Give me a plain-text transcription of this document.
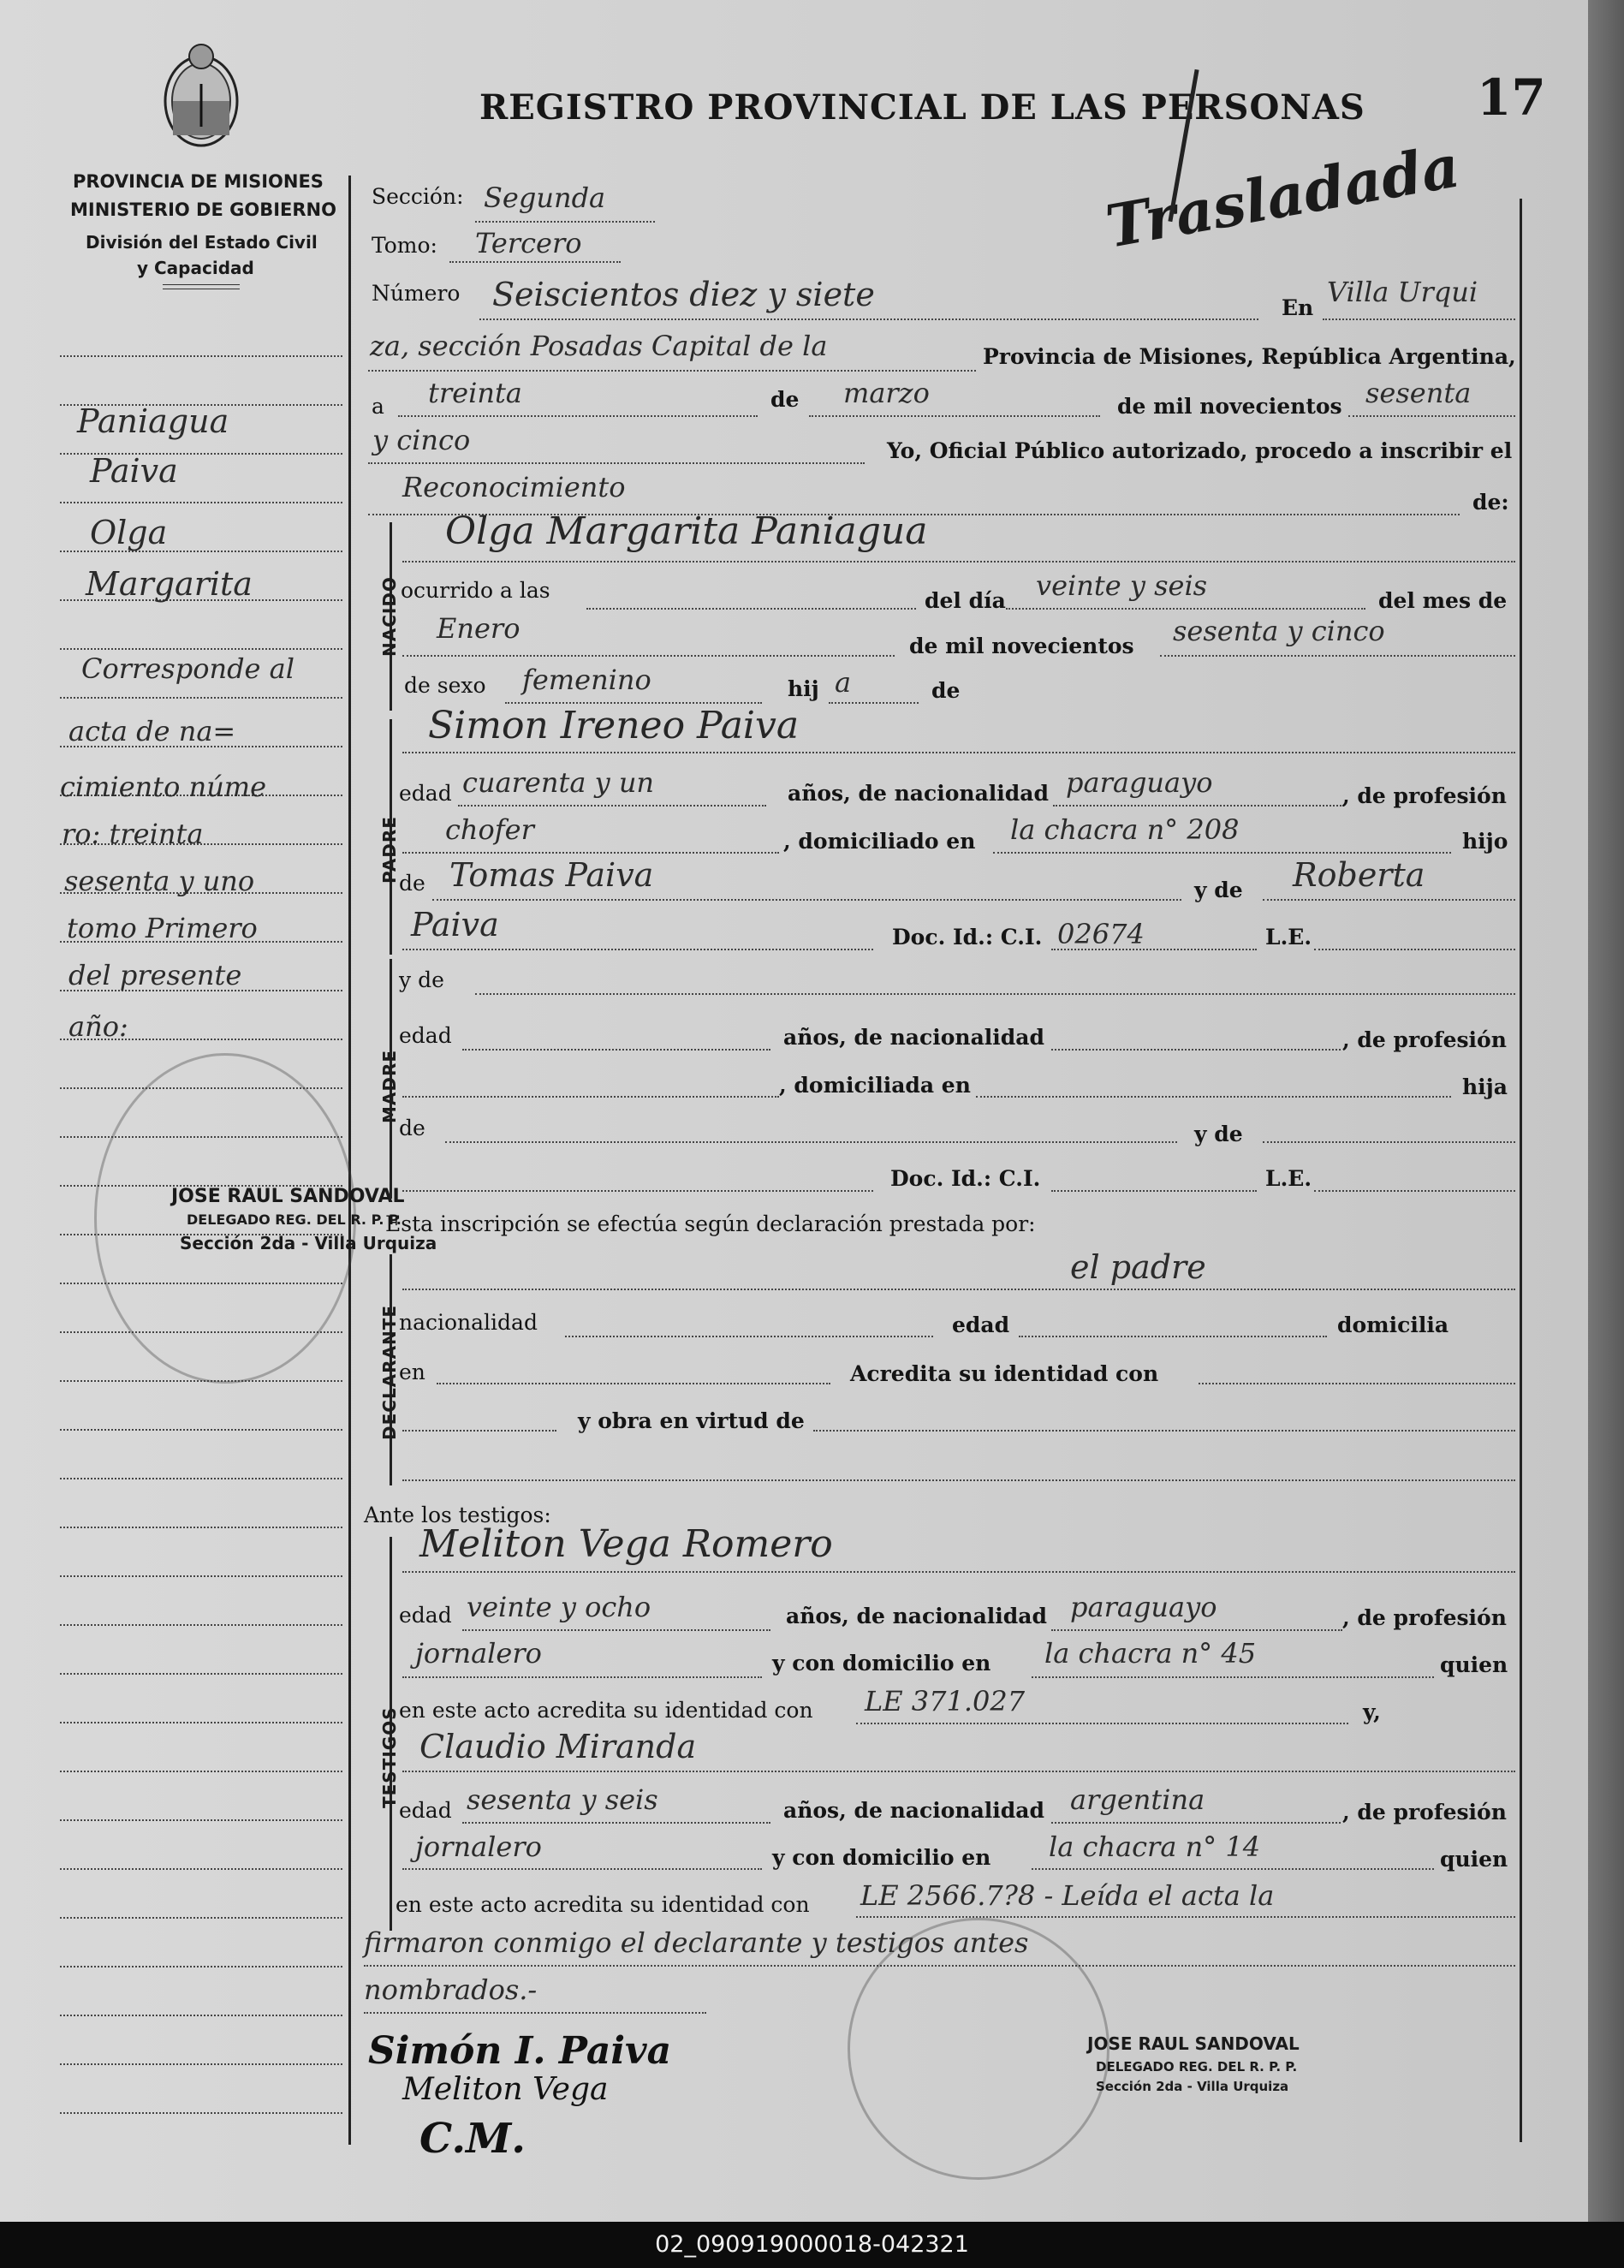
PROVINCIA DE MISIONES
MINISTERIO DE GOBIERNO
División del Estado Civil
y Capacidad
REGISTRO PROVINCIAL DE LAS PERSONAS 17
Trasladada
Paniagua
Paiva
Olga
Margarita
Corresponde al
acta de na=
cimiento núme
ro: treinta
sesenta y uno
tomo Primero
del presente
año:
JOSE RAUL SANDOVAL
DELEGADO REG. DEL R. P. P.
Sección 2da - Villa Urquiza
Sección: Segunda
Tomo: Tercero
Número Seiscientos diez y siete	En Villa Urqui
za, sección Posadas Capital de la	Provincia de Misiones, República Argentina,
a treinta	de marzo	de mil novecientos sesenta
y cinco	Yo, Oficial Público autorizado, procedo a inscribir el
Reconocimiento	de:
NACIDO
Olga Margarita Paniagua
ocurrido a las	del día veinte y seis	del mes de
Enero
de mil novecientos sesenta y cinco
de sexo femenino	hij a	de
PADRE
Simon Ireneo Paiva
edad cuarenta y un	años, de nacionalidad paraguayo	, de profesión
chofer	, domiciliado en la chacra n° 208	hijo
de Tomas Paiva	y de Roberta
Paiva	Doc. Id.: C.I. 02674	L.E.
MADRE
y de
edad	años, de nacionalidad	, de profesión
, domiciliada en	hija
de	y de
Doc. Id.: C.I.	L.E.
Esta inscripción se efectúa según declaración prestada por:
DECLARANTE
el padre
nacionalidad	edad	domicilia
en	Acredita su identidad con
y obra en virtud de
Ante los testigos:
TESTIGOS
Meliton Vega Romero
edad veinte y ocho	años, de nacionalidad paraguayo	, de profesión
jornalero	y con domicilio en la chacra n° 45	quien
en este acto acredita su identidad con LE 371.027	y,
Claudio Miranda
edad sesenta y seis	años, de nacionalidad argentina	, de profesión
jornalero	y con domicilio en la chacra n° 14	quien
en este acto acredita su identidad con LE 2566.7?8 - Leída el acta la
firmaron conmigo el declarante y testigos antes
nombrados.-
JOSE RAUL SANDOVAL
DELEGADO REG. DEL R. P. P.
Sección 2da - Villa Urquiza
Simón I. Paiva
Meliton Vega
C.M.
02_090919000018-042321
